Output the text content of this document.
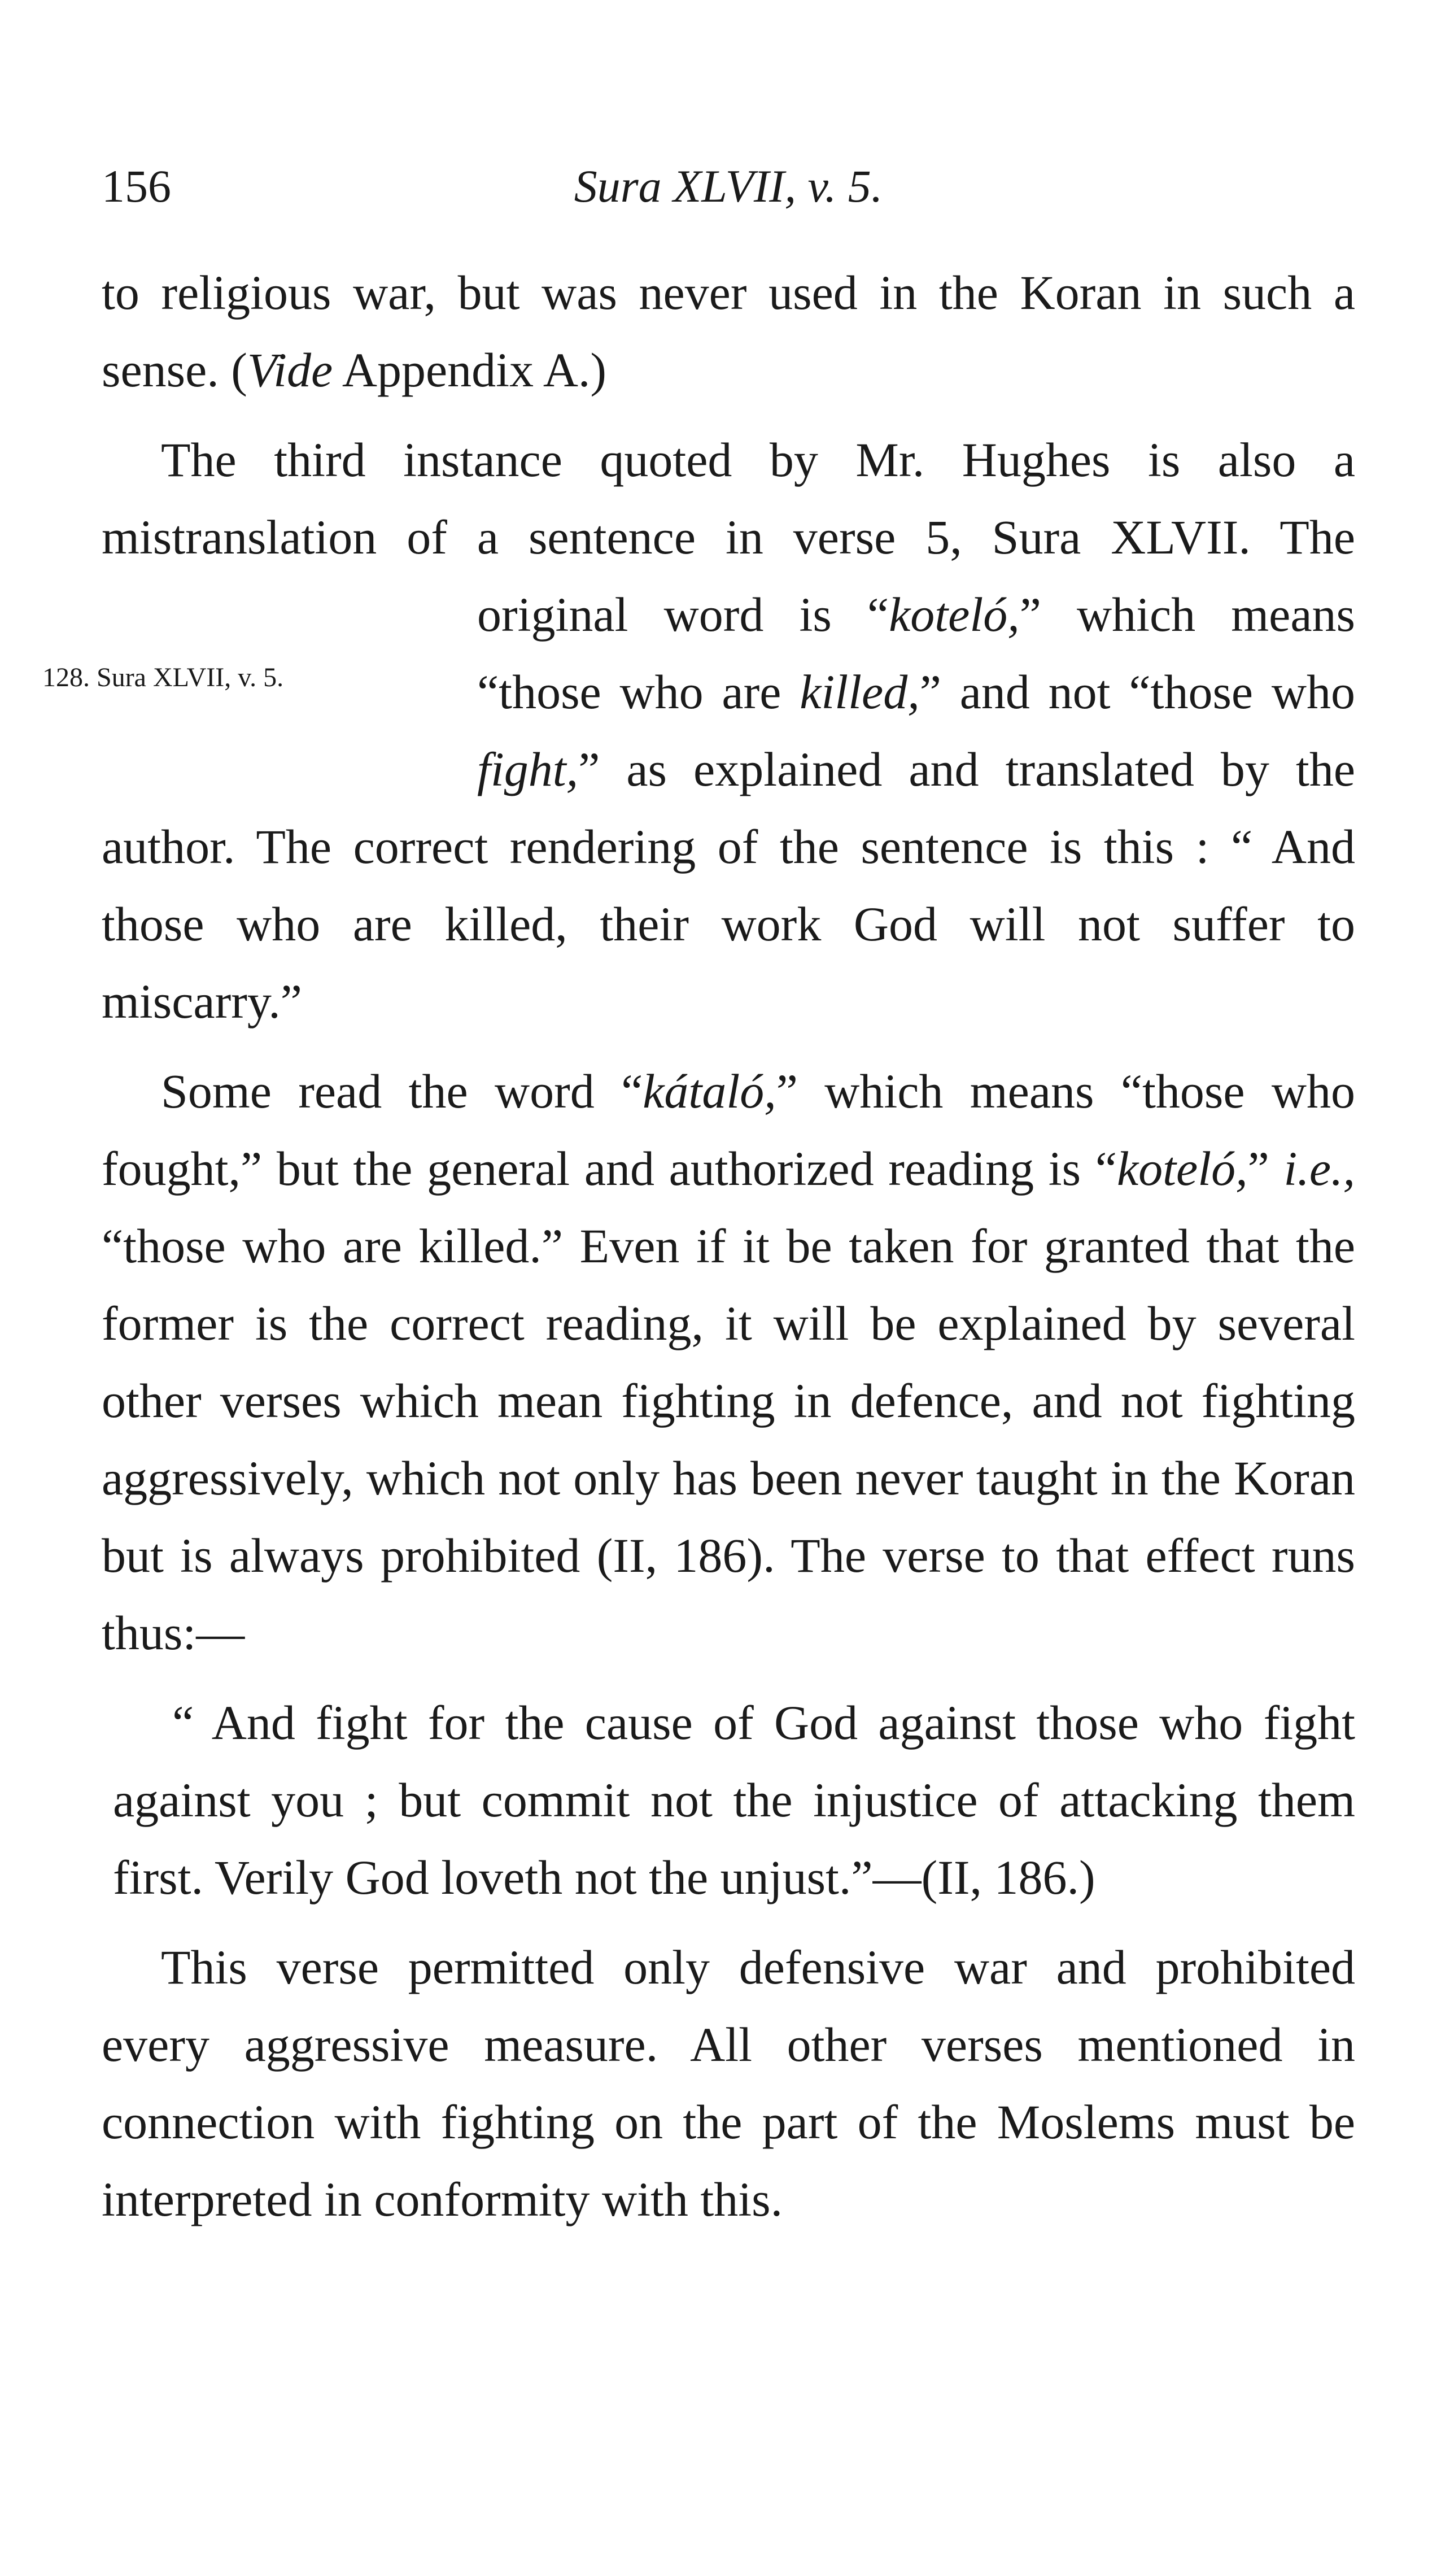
156	Sura XLVII, v. 5.

to religious war, but was never used in the Koran in such a sense. (Vide Appendix A.)

The third instance quoted by Mr. Hughes is also a mistranslation of a sentence in verse 5, Sura XLVII. The original word is “
128. Sura XLVII, v. 5.
koteló,” which means “those who are killed,” and not “those who fight,” as explained and translated by the author. The correct rendering of the sentence is this : “ And those who are killed, their work God will not suffer to miscarry.”

Some read the word “kátaló,” which means “those who fought,” but the general and authorized reading is “koteló,” i.e., “those who are killed.” Even if it be taken for granted that the former is the correct reading, it will be explained by several other verses which mean fighting in defence, and not fighting aggressively, which not only has been never taught in the Koran but is always prohibited (II, 186). The verse to that effect runs thus:—

“ And fight for the cause of God against those who fight against you ; but commit not the injustice of attacking them first. Verily God loveth not the unjust.”—(II, 186.)

This verse permitted only defensive war and prohibited every aggressive measure. All other verses mentioned in connection with fighting on the part of the Moslems must be interpreted in conformity with this.
